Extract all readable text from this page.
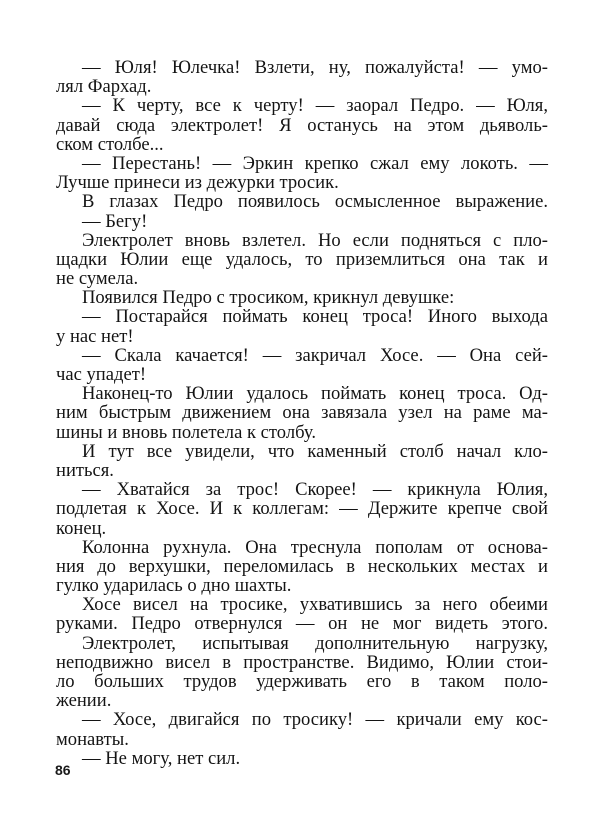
— Юля! Юлечка! Взлети, ну, пожалуйста! — умо-
лял Фархад.
— К черту, все к черту! — заорал Педро. — Юля,
давай сюда электролет! Я останусь на этом дьяволь-
ском столбе...
— Перестань! — Эркин крепко сжал ему локоть. —
Лучше принеси из дежурки тросик.
В глазах Педро появилось осмысленное выражение.
— Бегу!
Электролет вновь взлетел. Но если подняться с пло-
щадки Юлии еще удалось, то приземлиться она так и
не сумела.
Появился Педро с тросиком, крикнул девушке:
— Постарайся поймать конец троса! Иного выхода
у нас нет!
— Скала качается! — закричал Хосе. — Она сей-
час упадет!
Наконец-то Юлии удалось поймать конец троса. Од-
ним быстрым движением она завязала узел на раме ма-
шины и вновь полетела к столбу.
И тут все увидели, что каменный столб начал кло-
ниться.
— Хватайся за трос! Скорее! — крикнула Юлия,
подлетая к Хосе. И к коллегам: — Держите крепче свой
конец.
Колонна рухнула. Она треснула пополам от основа-
ния до верхушки, переломилась в нескольких местах и
гулко ударилась о дно шахты.
Хосе висел на тросике, ухватившись за него обеими
руками. Педро отвернулся — он не мог видеть этого.
Электролет, испытывая дополнительную нагрузку,
неподвижно висел в пространстве. Видимо, Юлии стои-
ло больших трудов удерживать его в таком поло-
жении.
— Хосе, двигайся по тросику! — кричали ему кос-
монавты.
— Не могу, нет сил.
86
